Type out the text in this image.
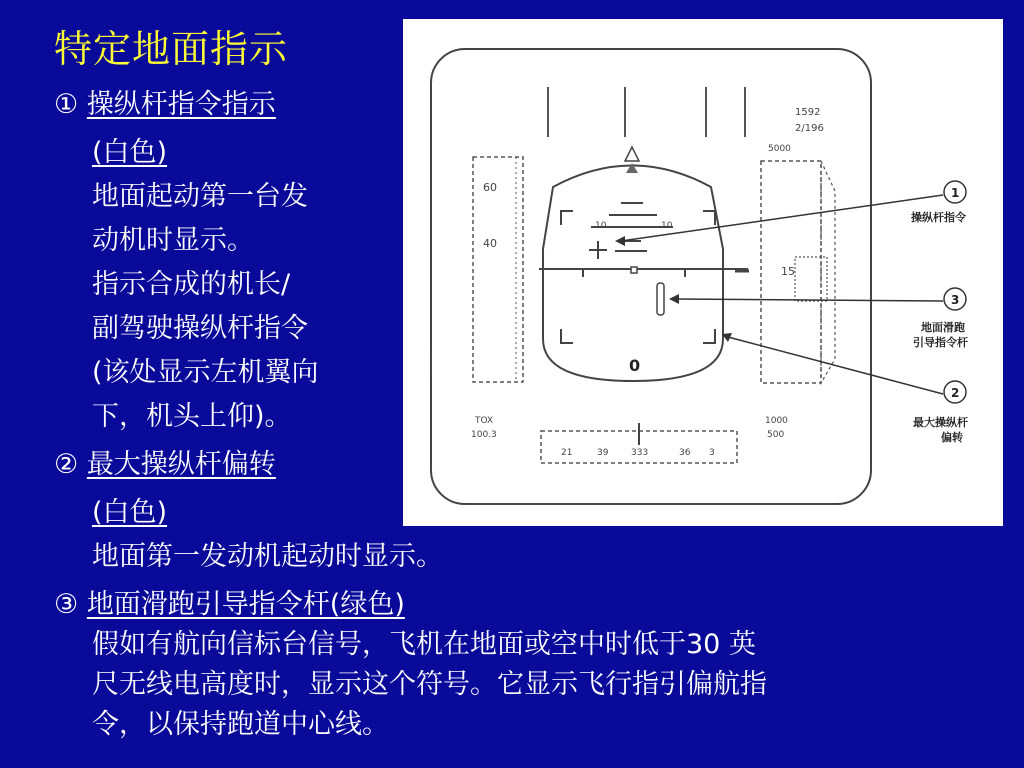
特定地面指示
① 操纵杆指令指示
(白色)
地面起动第一台发
动机时显示。
指示合成的机长/
副驾驶操纵杆指令
(该处显示左机翼向
下，机头上仰)。
② 最大操纵杆偏转
(白色)
地面第一发动机起动时显示。
③ 地面滑跑引导指令杆(绿色)
假如有航向信标台信号，飞机在地面或空中时低于30 英
尺无线电高度时，显示这个符号。它显示飞行指引偏航指
令，以保持跑道中心线。
60
40
1592
2/196
5000
15
10	10
0
TOX
100.3
1000
500
21	39	333	36 3
1
3
2
操纵杆指令
地面滑跑
引导指令杆
最大操纵杆
偏转
